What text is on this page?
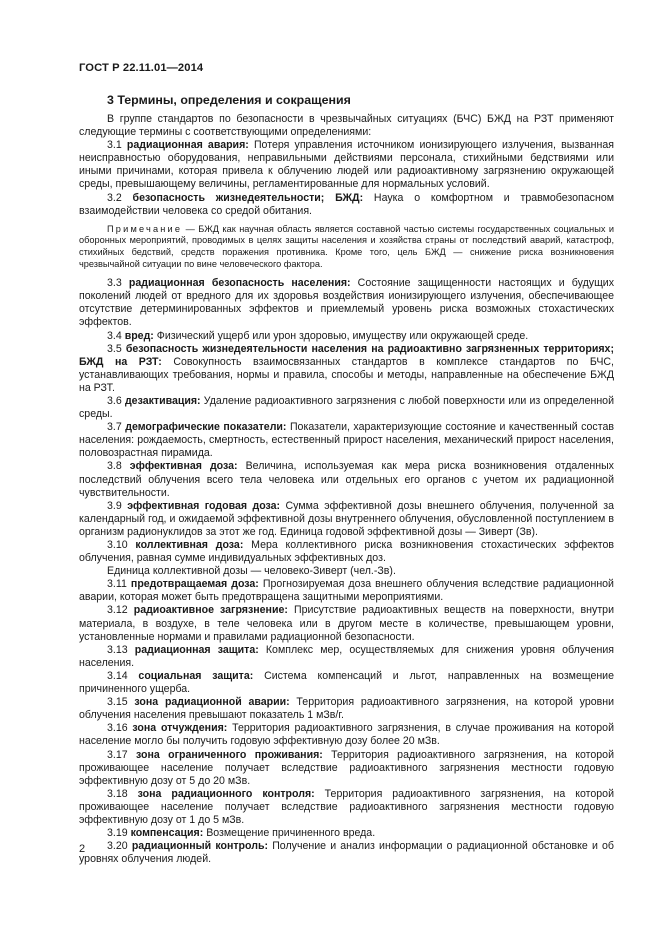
ГОСТ Р 22.11.01—2014
3 Термины, определения и сокращения

В группе стандартов по безопасности в чрезвычайных ситуациях (БЧС) БЖД на РЗТ применяют следующие термины с соответствующими определениями:

3.1 радиационная авария: Потеря управления источником ионизирующего излучения, вызванная неисправностью оборудования, неправильными действиями персонала, стихийными бедствиями или иными причинами, которая привела к облучению людей или радиоактивному загрязнению окружающей среды, превышающему величины, регламентированные для нормальных условий.

3.2 безопасность жизнедеятельности; БЖД: Наука о комфортном и травмобезопасном взаимодействии человека со средой обитания.

Примечание — БЖД как научная область является составной частью системы государственных социальных и оборонных мероприятий, проводимых в целях защиты населения и хозяйства страны от последствий аварий, катастроф, стихийных бедствий, средств поражения противника. Кроме того, цель БЖД — снижение риска возникновения чрезвычайной ситуации по вине человеческого фактора.

3.3 радиационная безопасность населения: Состояние защищенности настоящих и будущих поколений людей от вредного для их здоровья воздействия ионизирующего излучения, обеспечивающее отсутствие детерминированных эффектов и приемлемый уровень риска возможных стохастических эффектов.

3.4 вред: Физический ущерб или урон здоровью, имуществу или окружающей среде.

3.5 безопасность жизнедеятельности населения на радиоактивно загрязненных территориях; БЖД на РЗТ: Совокупность взаимосвязанных стандартов в комплексе стандартов по БЧС, устанавливающих требования, нормы и правила, способы и методы, направленные на обеспечение БЖД на РЗТ.

3.6 дезактивация: Удаление радиоактивного загрязнения с любой поверхности или из определенной среды.

3.7 демографические показатели: Показатели, характеризующие состояние и качественный состав населения: рождаемость, смертность, естественный прирост населения, механический прирост населения, половозрастная пирамида.

3.8 эффективная доза: Величина, используемая как мера риска возникновения отдаленных последствий облучения всего тела человека или отдельных его органов с учетом их радиационной чувствительности.

3.9 эффективная годовая доза: Сумма эффективной дозы внешнего облучения, полученной за календарный год, и ожидаемой эффективной дозы внутреннего облучения, обусловленной поступлением в организм радионуклидов за этот же год. Единица годовой эффективной дозы — Зиверт (Зв).

3.10 коллективная доза: Мера коллективного риска возникновения стохастических эффектов облучения, равная сумме индивидуальных эффективных доз.

Единица коллективной дозы — человеко-Зиверт (чел.-Зв).

3.11 предотвращаемая доза: Прогнозируемая доза внешнего облучения вследствие радиационной аварии, которая может быть предотвращена защитными мероприятиями.

3.12 радиоактивное загрязнение: Присутствие радиоактивных веществ на поверхности, внутри материала, в воздухе, в теле человека или в другом месте в количестве, превышающем уровни, установленные нормами и правилами радиационной безопасности.

3.13 радиационная защита: Комплекс мер, осуществляемых для снижения уровня облучения населения.

3.14 социальная защита: Система компенсаций и льгот, направленных на возмещение причиненного ущерба.

3.15 зона радиационной аварии: Территория радиоактивного загрязнения, на которой уровни облучения населения превышают показатель 1 мЗв/г.

3.16 зона отчуждения: Территория радиоактивного загрязнения, в случае проживания на которой население могло бы получить годовую эффективную дозу более 20 мЗв.

3.17 зона ограниченного проживания: Территория радиоактивного загрязнения, на которой проживающее население получает вследствие радиоактивного загрязнения местности годовую эффективную дозу от 5 до 20 мЗв.

3.18 зона радиационного контроля: Территория радиоактивного загрязнения, на которой проживающее население получает вследствие радиоактивного загрязнения местности годовую эффективную дозу от 1 до 5 мЗв.

3.19 компенсация: Возмещение причиненного вреда.

3.20 радиационный контроль: Получение и анализ информации о радиационной обстановке и об уровнях облучения людей.

2
